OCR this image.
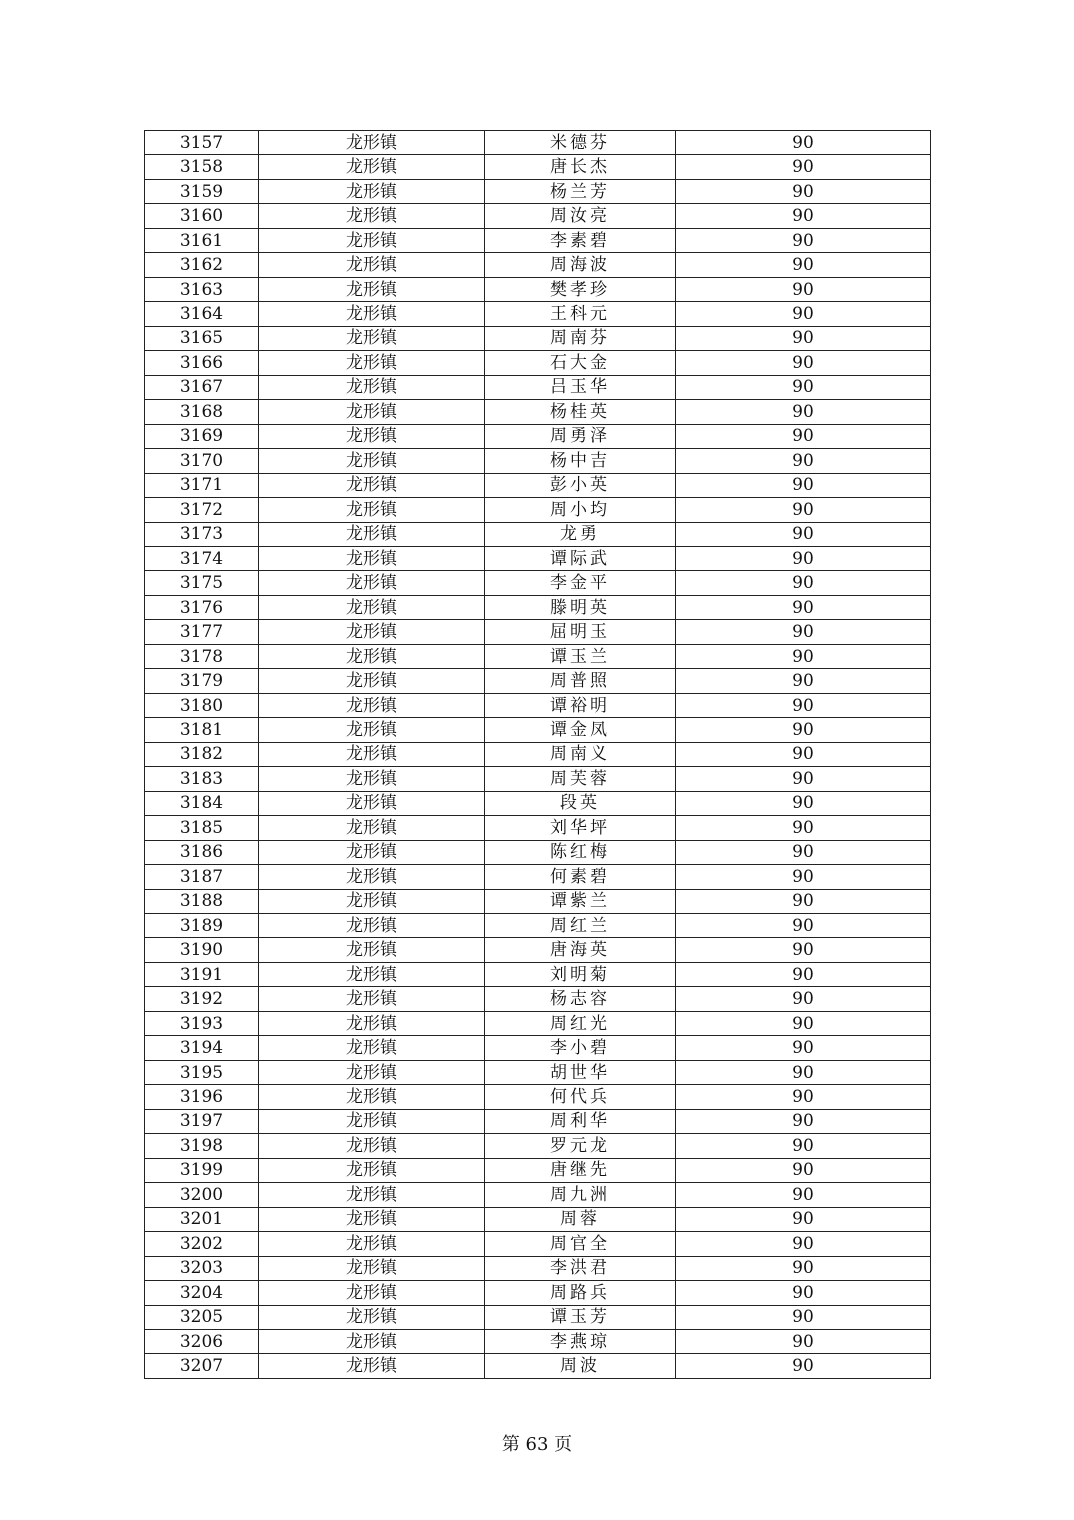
3157	龙形镇	米德芬	90
3158	龙形镇	唐长杰	90
3159	龙形镇	杨兰芳	90
3160	龙形镇	周汝亮	90
3161	龙形镇	李素碧	90
3162	龙形镇	周海波	90
3163	龙形镇	樊孝珍	90
3164	龙形镇	王科元	90
3165	龙形镇	周南芬	90
3166	龙形镇	石大金	90
3167	龙形镇	吕玉华	90
3168	龙形镇	杨桂英	90
3169	龙形镇	周勇泽	90
3170	龙形镇	杨中吉	90
3171	龙形镇	彭小英	90
3172	龙形镇	周小均	90
3173	龙形镇	龙勇	90
3174	龙形镇	谭际武	90
3175	龙形镇	李金平	90
3176	龙形镇	滕明英	90
3177	龙形镇	屈明玉	90
3178	龙形镇	谭玉兰	90
3179	龙形镇	周普照	90
3180	龙形镇	谭裕明	90
3181	龙形镇	谭金凤	90
3182	龙形镇	周南义	90
3183	龙形镇	周芙蓉	90
3184	龙形镇	段英	90
3185	龙形镇	刘华坪	90
3186	龙形镇	陈红梅	90
3187	龙形镇	何素碧	90
3188	龙形镇	谭紫兰	90
3189	龙形镇	周红兰	90
3190	龙形镇	唐海英	90
3191	龙形镇	刘明菊	90
3192	龙形镇	杨志容	90
3193	龙形镇	周红光	90
3194	龙形镇	李小碧	90
3195	龙形镇	胡世华	90
3196	龙形镇	何代兵	90
3197	龙形镇	周利华	90
3198	龙形镇	罗元龙	90
3199	龙形镇	唐继先	90
3200	龙形镇	周九洲	90
3201	龙形镇	周蓉	90
3202	龙形镇	周官全	90
3203	龙形镇	李洪君	90
3204	龙形镇	周路兵	90
3205	龙形镇	谭玉芳	90
3206	龙形镇	李燕琼	90
3207	龙形镇	周波	90
第 63 页
